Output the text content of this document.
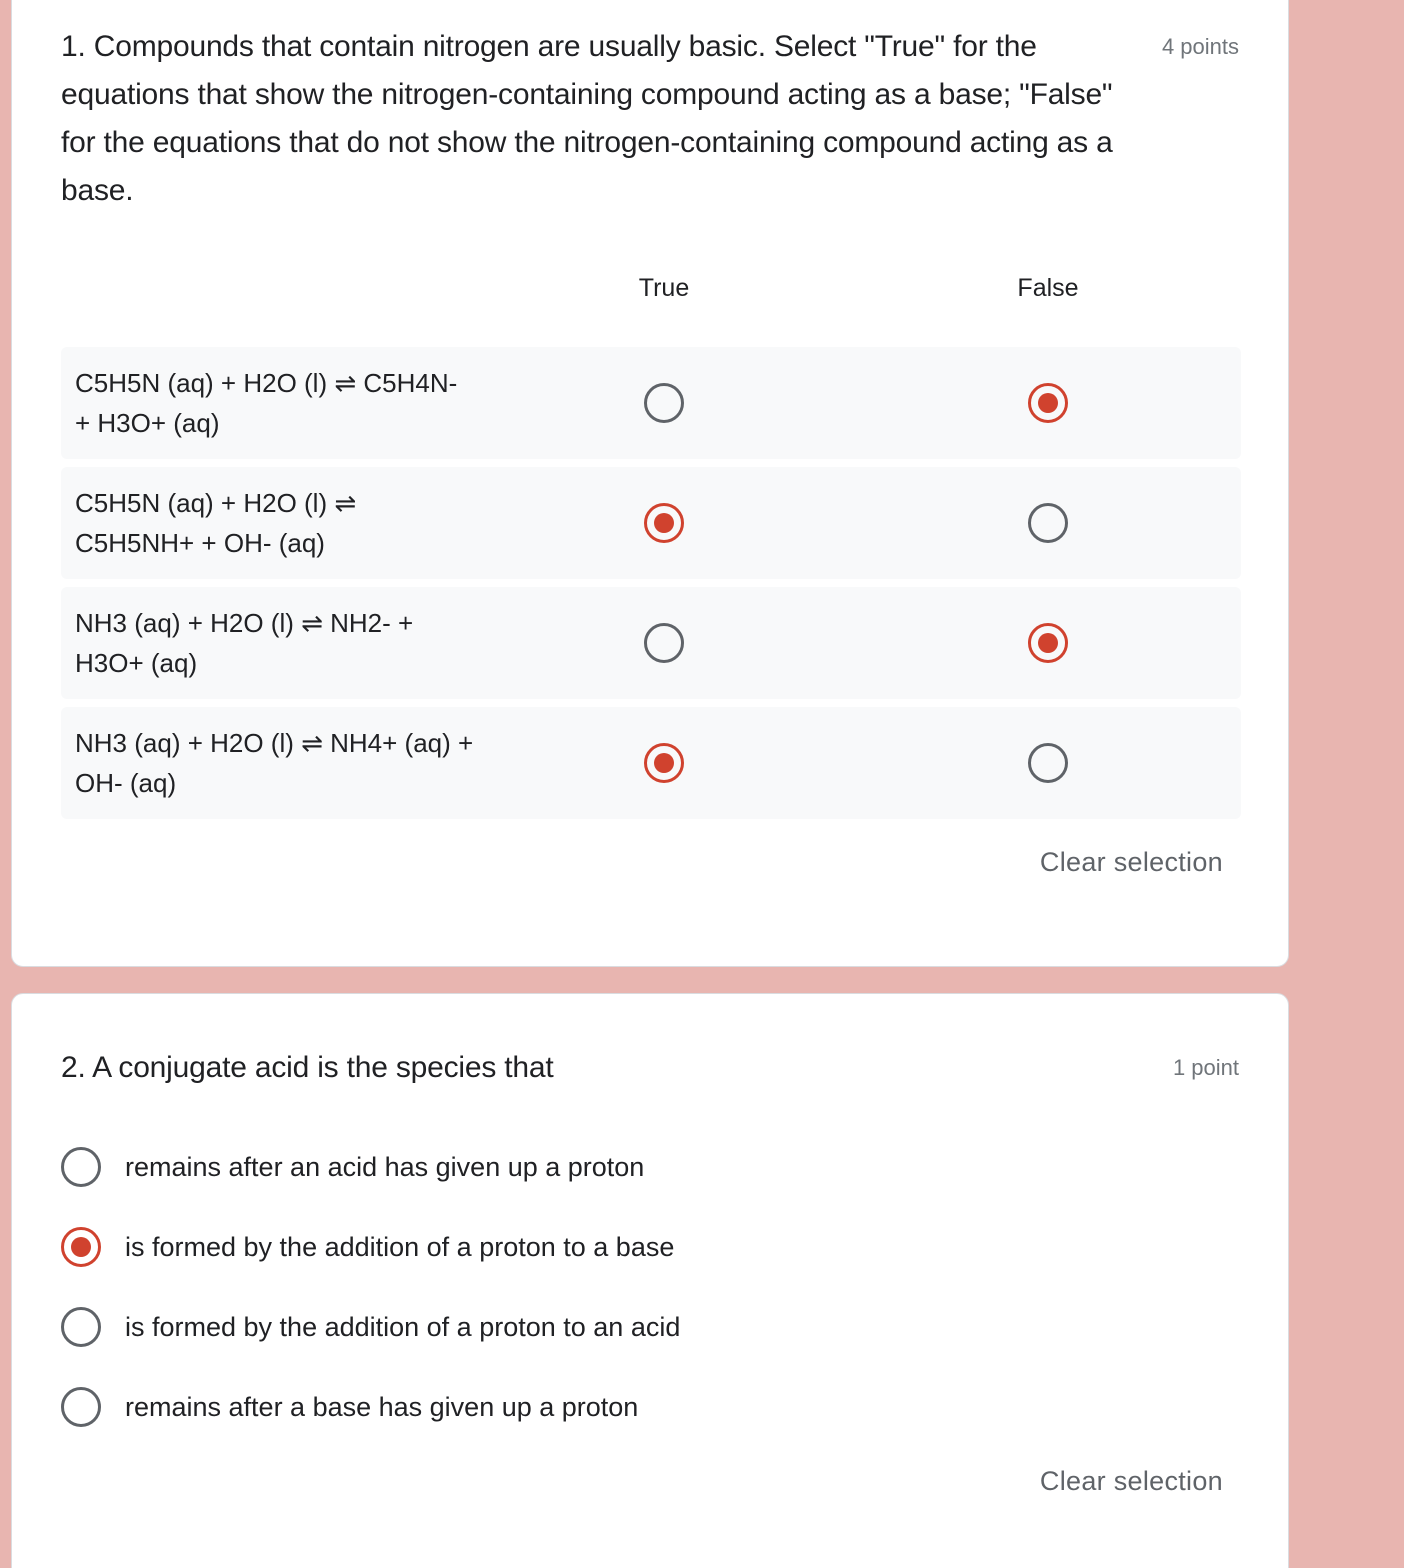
1. Compounds that contain nitrogen are usually basic. Select "True" for the equations that show the nitrogen-containing compound acting as a base; "False" for the equations that do not show the nitrogen-containing compound acting as a base.
4 points
True	False
C5H5N (aq) + H2O (l) ⇌ C5H4N- + H3O+ (aq)
C5H5N (aq) + H2O (l) ⇌ C5H5NH+ + OH- (aq)
NH3 (aq) + H2O (l) ⇌ NH2- + H3O+ (aq)
NH3 (aq) + H2O (l) ⇌ NH4+ (aq) + OH- (aq)
Clear selection
2. A conjugate acid is the species that	1 point
remains after an acid has given up a proton
is formed by the addition of a proton to a base
is formed by the addition of a proton to an acid
remains after a base has given up a proton
Clear selection
